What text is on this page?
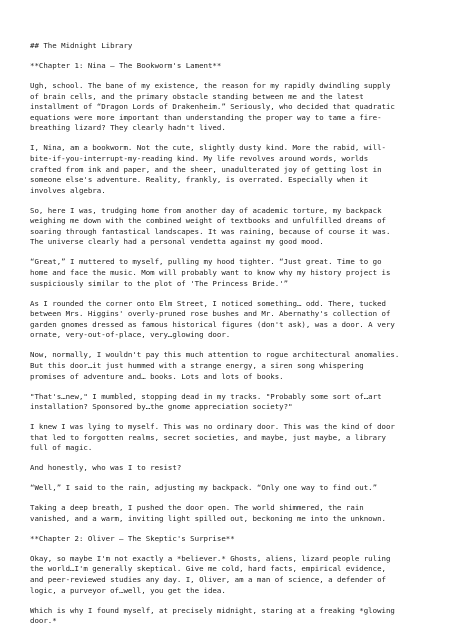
## The Midnight Library
**Chapter 1: Nina – The Bookworm's Lament**
Ugh, school. The bane of my existence, the reason for my rapidly dwindling supply
of brain cells, and the primary obstacle standing between me and the latest
installment of “Dragon Lords of Drakenheim.” Seriously, who decided that quadratic
equations were more important than understanding the proper way to tame a fire-
breathing lizard? They clearly hadn't lived.
I, Nina, am a bookworm. Not the cute, slightly dusty kind. More the rabid, will-
bite-if-you-interrupt-my-reading kind. My life revolves around words, worlds
crafted from ink and paper, and the sheer, unadulterated joy of getting lost in
someone else's adventure. Reality, frankly, is overrated. Especially when it
involves algebra.
So, here I was, trudging home from another day of academic torture, my backpack
weighing me down with the combined weight of textbooks and unfulfilled dreams of
soaring through fantastical landscapes. It was raining, because of course it was.
The universe clearly had a personal vendetta against my good mood.
“Great,” I muttered to myself, pulling my hood tighter. “Just great. Time to go
home and face the music. Mom will probably want to know why my history project is
suspiciously similar to the plot of 'The Princess Bride.'”
As I rounded the corner onto Elm Street, I noticed something… odd. There, tucked
between Mrs. Higgins' overly-pruned rose bushes and Mr. Abernathy's collection of
garden gnomes dressed as famous historical figures (don't ask), was a door. A very
ornate, very-out-of-place, very…glowing door.
Now, normally, I wouldn't pay this much attention to rogue architectural anomalies.
But this door…it just hummed with a strange energy, a siren song whispering
promises of adventure and… books. Lots and lots of books.
"That's…new," I mumbled, stopping dead in my tracks. "Probably some sort of…art
installation? Sponsored by…the gnome appreciation society?"
I knew I was lying to myself. This was no ordinary door. This was the kind of door
that led to forgotten realms, secret societies, and maybe, just maybe, a library
full of magic.
And honestly, who was I to resist?
“Well,” I said to the rain, adjusting my backpack. “Only one way to find out.”
Taking a deep breath, I pushed the door open. The world shimmered, the rain
vanished, and a warm, inviting light spilled out, beckoning me into the unknown.
**Chapter 2: Oliver – The Skeptic's Surprise**
Okay, so maybe I'm not exactly a *believer.* Ghosts, aliens, lizard people ruling
the world…I'm generally skeptical. Give me cold, hard facts, empirical evidence,
and peer-reviewed studies any day. I, Oliver, am a man of science, a defender of
logic, a purveyor of…well, you get the idea.
Which is why I found myself, at precisely midnight, staring at a freaking *glowing
door.*
